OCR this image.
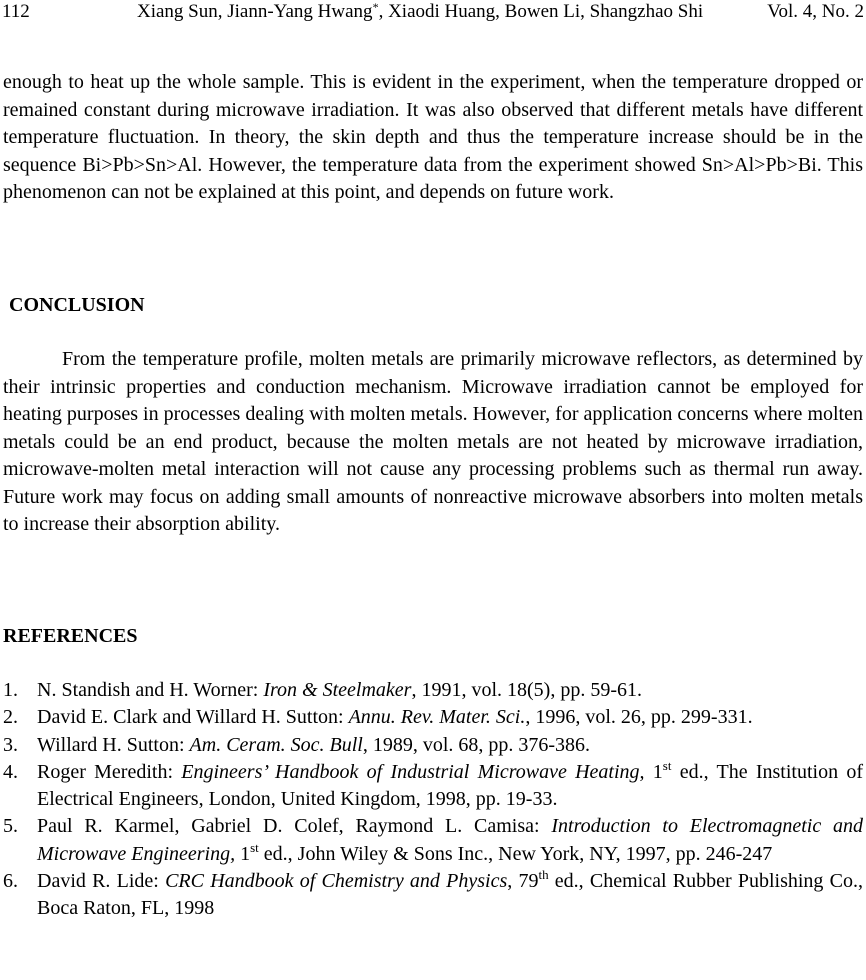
112	Xiang Sun, Jiann-Yang Hwang*, Xiaodi Huang, Bowen Li, Shangzhao Shi	Vol. 4, No. 2

enough to heat up the whole sample. This is evident in the experiment, when the temperature dropped or remained constant during microwave irradiation. It was also observed that different metals have different temperature fluctuation. In theory, the skin depth and thus the temperature increase should be in the sequence Bi>Pb>Sn>Al. However, the temperature data from the experiment showed Sn>Al>Pb>Bi. This phenomenon can not be explained at this point, and depends on future work.

CONCLUSION

From the temperature profile, molten metals are primarily microwave reflectors, as determined by their intrinsic properties and conduction mechanism. Microwave irradiation cannot be employed for heating purposes in processes dealing with molten metals. However, for application concerns where molten metals could be an end product, because the molten metals are not heated by microwave irradiation, microwave-molten metal interaction will not cause any processing problems such as thermal run away. Future work may focus on adding small amounts of nonreactive microwave absorbers into molten metals to increase their absorption ability.

REFERENCES
1. N. Standish and H. Worner: Iron & Steelmaker, 1991, vol. 18(5), pp. 59-61.
2. David E. Clark and Willard H. Sutton: Annu. Rev. Mater. Sci., 1996, vol. 26, pp. 299-331.
3. Willard H. Sutton: Am. Ceram. Soc. Bull, 1989, vol. 68, pp. 376-386.
4. Roger Meredith: Engineers’ Handbook of Industrial Microwave Heating, 1st ed., The Institution of Electrical Engineers, London, United Kingdom, 1998, pp. 19-33.
5. Paul R. Karmel, Gabriel D. Colef, Raymond L. Camisa: Introduction to Electromagnetic and Microwave Engineering, 1st ed., John Wiley & Sons Inc., New York, NY, 1997, pp. 246-247
6. David R. Lide: CRC Handbook of Chemistry and Physics, 79th ed., Chemical Rubber Publishing Co., Boca Raton, FL, 1998
